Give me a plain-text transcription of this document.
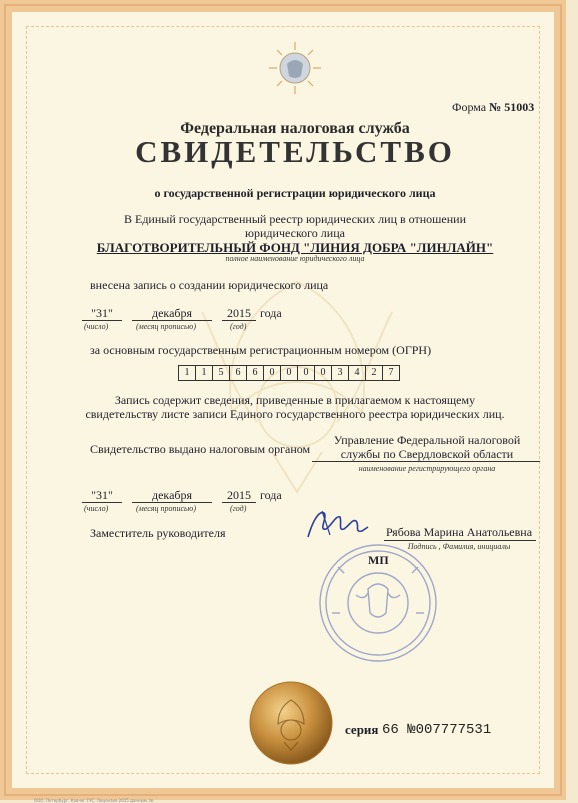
Форма № 51003
Федеральная налоговая служба
СВИДЕТЕЛЬСТВО
о государственной регистрации юридического лица
В Единый государственный реестр юридических лиц в отношении
юридического лица
БЛАГОТВОРИТЕЛЬНЫЙ ФОНД "ЛИНИЯ ДОБРА "ЛИНЛАЙН"
полное наименование юридического лица
внесена запись о создании юридического лица
"31"
(число)
декабря
(месяц прописью)
2015
(год)
года
за основным государственным регистрационным номером (ОГРН)
1	1	5	6	6	0	0	0	0	3	4	2	7
Запись содержит сведения, приведенные в прилагаемом к настоящему
свидетельству листе записи Единого государственного реестра юридических лиц.
Свидетельство выдано налоговым органом
Управление Федеральной налоговой
службы по Свердловской области
наименование регистрирующего органа
"31"
(число)
декабря
(месяц прописью)
2015
(год)
года
Заместитель руководителя	Рябова Марина Анатольевна
Подпись , Фамилия, инициалы
МП
серия 66 №007777531
ООО. Петербург. Ковчег ГУС. Лицензия 2015 данным. №
